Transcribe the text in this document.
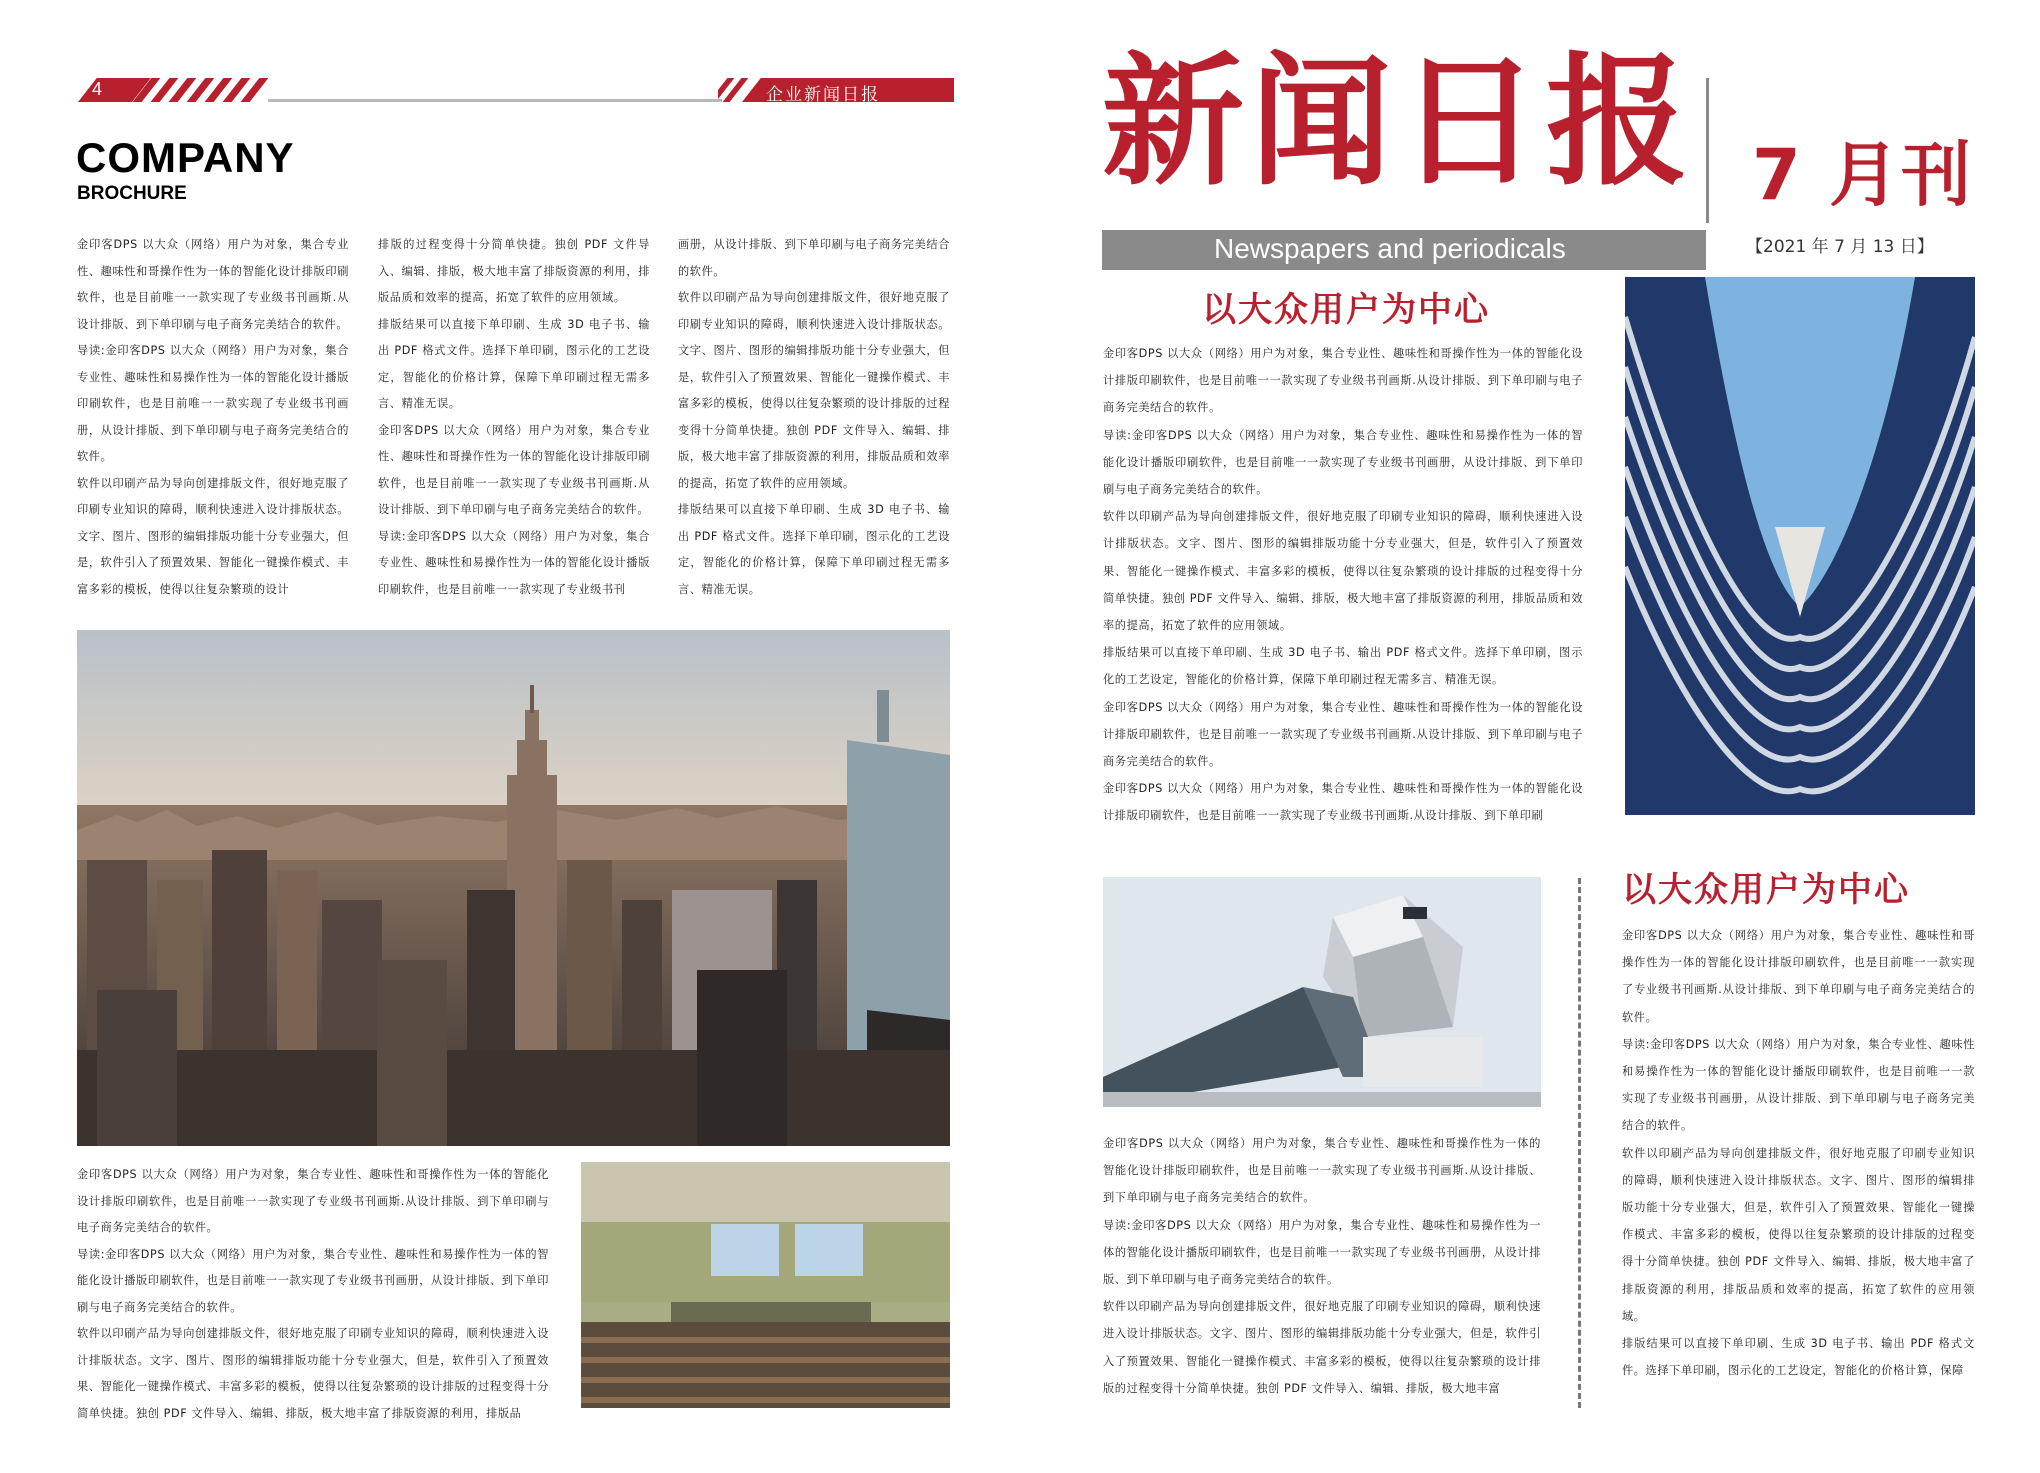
4	企业新闻日报
COMPANY
BROCHURE

金印客DPS 以大众（网络）用户为对象，集合专业性、趣味性和哥操作性为一体的智能化设计排版印刷软件，也是目前唯一一款实现了专业级书刊画斯.从设计排版、到下单印刷与电子商务完美结合的软件。

导读:金印客DPS 以大众（网络）用户为对象，集合专业性、趣味性和易操作性为一体的智能化设计播版印刷软件，也是目前唯一一款实现了专业级书刊画册，从设计排版、到下单印刷与电子商务完美结合的软件。

软件以印刷产品为导向创建排版文件，很好地克服了印刷专业知识的障碍，顺利快速进入设计排版状态。文字、图片、图形的编辑排版功能十分专业强大，但是，软件引入了预置效果、智能化一键操作模式、丰富多彩的模板，使得以往复杂繁琐的设计

排版的过程变得十分简单快捷。独创 PDF 文件导入、编辑、排版，极大地丰富了排版资源的利用，排版品质和效率的提高，拓宽了软件的应用领域。

排版结果可以直接下单印刷、生成 3D 电子书、输出 PDF 格式文件。选择下单印刷，图示化的工艺设定，智能化的价格计算，保障下单印刷过程无需多言、精准无误。

金印客DPS 以大众（网络）用户为对象，集合专业性、趣味性和哥操作性为一体的智能化设计排版印刷软件，也是目前唯一一款实现了专业级书刊画斯.从设计排版、到下单印刷与电子商务完美结合的软件。

导读:金印客DPS 以大众（网络）用户为对象，集合专业性、趣味性和易操作性为一体的智能化设计播版印刷软件，也是目前唯一一款实现了专业级书刊

画册，从设计排版、到下单印刷与电子商务完美结合的软件。

软件以印刷产品为导向创建排版文件，很好地克服了印刷专业知识的障碍，顺利快速进入设计排版状态。文字、图片、图形的编辑排版功能十分专业强大，但是，软件引入了预置效果、智能化一键操作模式、丰富多彩的模板，使得以往复杂繁琐的设计排版的过程变得十分简单快捷。独创 PDF 文件导入、编辑、排版，极大地丰富了排版资源的利用，排版品质和效率的提高，拓宽了软件的应用领域。

排版结果可以直接下单印刷、生成 3D 电子书、输出 PDF 格式文件。选择下单印刷，图示化的工艺设定，智能化的价格计算，保障下单印刷过程无需多言、精准无误。

金印客DPS 以大众（网络）用户为对象，集合专业性、趣味性和哥操作性为一体的智能化设计排版印刷软件，也是目前唯一一款实现了专业级书刊画斯.从设计排版、到下单印刷与电子商务完美结合的软件。

导读:金印客DPS 以大众（网络）用户为对象，集合专业性、趣味性和易操作性为一体的智能化设计播版印刷软件，也是目前唯一一款实现了专业级书刊画册，从设计排版、到下单印刷与电子商务完美结合的软件。

软件以印刷产品为导向创建排版文件，很好地克服了印刷专业知识的障碍，顺利快速进入设计排版状态。文字、图片、图形的编辑排版功能十分专业强大，但是，软件引入了预置效果、智能化一键操作模式、丰富多彩的模板，使得以往复杂繁琐的设计排版的过程变得十分简单快捷。独创 PDF 文件导入、编辑、排版，极大地丰富了排版资源的利用，排版品

新闻日报 7 月刊
Newspapers and periodicals	【2021 年 7 月 13 日】
以大众用户为中心

金印客DPS 以大众（网络）用户为对象，集合专业性、趣味性和哥操作性为一体的智能化设计排版印刷软件，也是目前唯一一款实现了专业级书刊画斯.从设计排版、到下单印刷与电子商务完美结合的软件。

导读:金印客DPS 以大众（网络）用户为对象，集合专业性、趣味性和易操作性为一体的智能化设计播版印刷软件，也是目前唯一一款实现了专业级书刊画册，从设计排版、到下单印刷与电子商务完美结合的软件。

软件以印刷产品为导向创建排版文件，很好地克服了印刷专业知识的障碍，顺利快速进入设计排版状态。文字、图片、图形的编辑排版功能十分专业强大，但是，软件引入了预置效果、智能化一键操作模式、丰富多彩的模板，使得以往复杂繁琐的设计排版的过程变得十分简单快捷。独创 PDF 文件导入、编辑、排版，极大地丰富了排版资源的利用，排版品质和效率的提高，拓宽了软件的应用领域。

排版结果可以直接下单印刷、生成 3D 电子书、输出 PDF 格式文件。选择下单印刷，图示化的工艺设定，智能化的价格计算，保障下单印刷过程无需多言、精准无误。

金印客DPS 以大众（网络）用户为对象，集合专业性、趣味性和哥操作性为一体的智能化设计排版印刷软件，也是目前唯一一款实现了专业级书刊画斯.从设计排版、到下单印刷与电子商务完美结合的软件。

金印客DPS 以大众（网络）用户为对象，集合专业性、趣味性和哥操作性为一体的智能化设计排版印刷软件，也是目前唯一一款实现了专业级书刊画斯.从设计排版、到下单印刷

金印客DPS 以大众（网络）用户为对象，集合专业性、趣味性和哥操作性为一体的智能化设计排版印刷软件，也是目前唯一一款实现了专业级书刊画斯.从设计排版、到下单印刷与电子商务完美结合的软件。

导读:金印客DPS 以大众（网络）用户为对象，集合专业性、趣味性和易操作性为一体的智能化设计播版印刷软件，也是目前唯一一款实现了专业级书刊画册，从设计排版、到下单印刷与电子商务完美结合的软件。

软件以印刷产品为导向创建排版文件，很好地克服了印刷专业知识的障碍，顺利快速进入设计排版状态。文字、图片、图形的编辑排版功能十分专业强大，但是，软件引入了预置效果、智能化一键操作模式、丰富多彩的模板，使得以往复杂繁琐的设计排版的过程变得十分简单快捷。独创 PDF 文件导入、编辑、排版，极大地丰富

以大众用户为中心

金印客DPS 以大众（网络）用户为对象，集合专业性、趣味性和哥操作性为一体的智能化设计排版印刷软件，也是目前唯一一款实现了专业级书刊画斯.从设计排版、到下单印刷与电子商务完美结合的软件。

导读:金印客DPS 以大众（网络）用户为对象，集合专业性、趣味性和易操作性为一体的智能化设计播版印刷软件，也是目前唯一一款实现了专业级书刊画册，从设计排版、到下单印刷与电子商务完美结合的软件。

软件以印刷产品为导向创建排版文件，很好地克服了印刷专业知识的障碍，顺利快速进入设计排版状态。文字、图片、图形的编辑排版功能十分专业强大，但是，软件引入了预置效果、智能化一键操作模式、丰富多彩的模板，使得以往复杂繁琐的设计排版的过程变得十分简单快捷。独创 PDF 文件导入、编辑、排版，极大地丰富了排版资源的利用，排版品质和效率的提高，拓宽了软件的应用领域。

排版结果可以直接下单印刷、生成 3D 电子书、输出 PDF 格式文件。选择下单印刷，图示化的工艺设定，智能化的价格计算，保障
